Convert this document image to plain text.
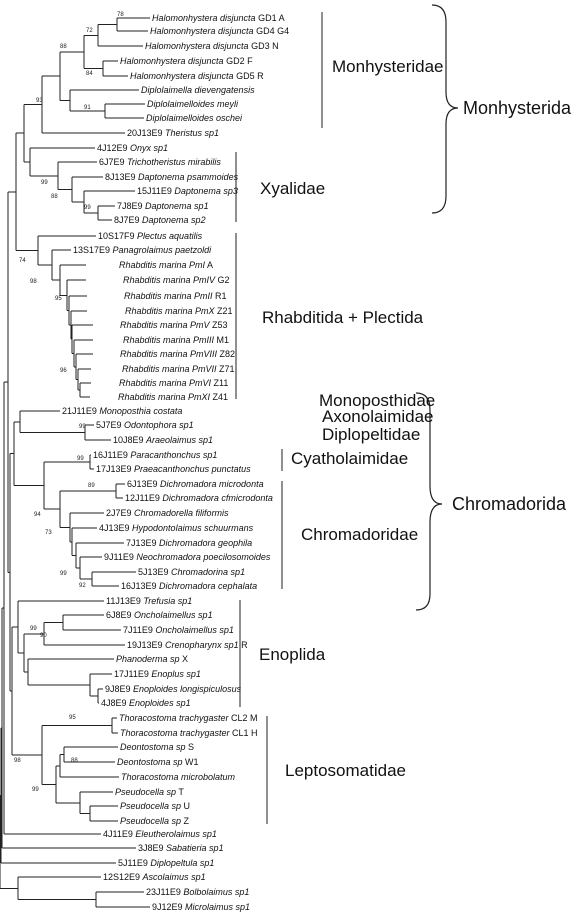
78
72
88
84
93
91
99
88
99
74
98
95
96
99
99
89
94
73
99
92
99
90
95
88
98
99
Halomonhystera disjuncta GD1 A
Halomonhystera disjuncta GD4 G4
Halomonhystera disjuncta GD3 N
Halomonhystera disjuncta GD2 F
Halomonhystera disjuncta GD5 R
Diplolaimella dievengatensis
Diplolaimelloides meyli
Diplolaimelloides oschei
20J13E9 Theristus sp1
4J12E9 Onyx sp1
6J7E9 Trichotheristus mirabilis
8J13E9 Daptonema psammoides
15J11E9 Daptonema sp3
7J8E9 Daptonema sp1
8J7E9 Daptonema sp2
10S17F9 Plectus aquatilis
13S17E9 Panagrolaimus paetzoldi
Rhabditis marina PmI A
Rhabditis marina PmIV G2
Rhabditis marina PmII R1
Rhabditis marina PmX Z21
Rhabditis marina PmV Z53
Rhabditis marina PmIII M1
Rhabditis marina PmVIII Z82
Rhabditis marina PmVII Z71
Rhabditis marina PmVI Z11
Rhabditis marina PmXI Z41
21J11E9 Monoposthia costata
5J7E9 Odontophora sp1
10J8E9 Araeolaimus sp1
16J11E9 Paracanthonchus sp1
17J13E9 Praeacanthonchus punctatus
6J13E9 Dichromadora microdonta
12J11E9 Dichromadora cfmicrodonta
2J7E9 Chromadorella filiformis
4J13E9 Hypodontolaimus schuurmans
7J13E9 Dichromadora geophila
9J11E9 Neochromadora poecilosomoides
5J13E9 Chromadorina sp1
16J13E9 Dichromadora cephalata
11J13E9 Trefusia sp1
6J8E9 Oncholaimellus sp1
7J11E9 Oncholaimellus sp1
19J13E9 Crenopharynx sp1 R
Phanoderma sp X
17J11E9 Enoplus sp1
9J8E9 Enoploides longispiculosus
4J8E9 Enoploides sp1
Thoracostoma trachygaster CL2 M
Thoracostoma trachygaster CL1 H
Deontostoma sp S
Deontostoma sp W1
Thoracostoma microbolatum
Pseudocella sp T
Pseudocella sp U
Pseudocella sp Z
4J11E9 Eleutherolaimus sp1
3J8E9 Sabatieria sp1
5J11E9 Diplopeltula sp1
12S12E9 Ascolaimus sp1
23J11E9 Bolbolaimus sp1
9J12E9 Microlaimus sp1
Monhysteridae
Xyalidae
Rhabditida + Plectida
Monoposthidae
Axonolaimidae
Diplopeltidae
Cyatholaimidae
Chromadoridae
Enoplida
Leptosomatidae
Monhysterida
Chromadorida
